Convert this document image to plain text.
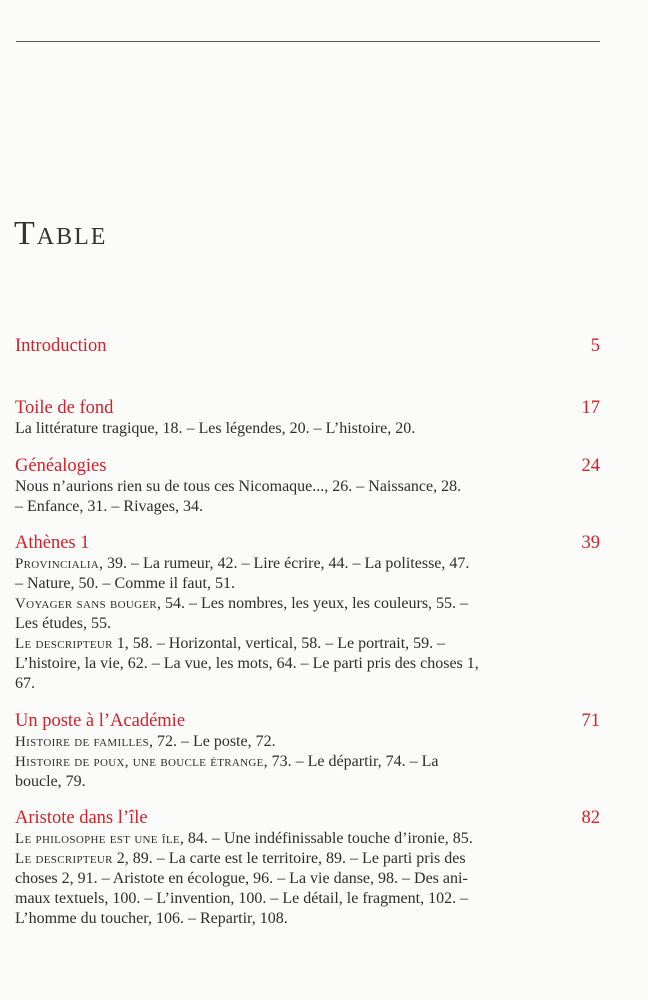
Table
Introduction	5
Toile de fond	17
La littérature tragique, 18. – Les légendes, 20. – L’histoire, 20.
Généalogies	24
Nous n’aurions rien su de tous ces Nicomaque..., 26. – Naissance, 28.
– Enfance, 31. – Rivages, 34.
Athènes 1	39
Provincialia, 39. – La rumeur, 42. – Lire écrire, 44. – La politesse, 47.
– Nature, 50. – Comme il faut, 51.
Voyager sans bouger, 54. – Les nombres, les yeux, les couleurs, 55. –
Les études, 55.
Le descripteur 1, 58. – Horizontal, vertical, 58. – Le portrait, 59. –
L’histoire, la vie, 62. – La vue, les mots, 64. – Le parti pris des choses 1,
67.
Un poste à l’Académie	71
Histoire de familles, 72. – Le poste, 72.
Histoire de poux, une boucle étrange, 73. – Le départir, 74. – La
boucle, 79.
Aristote dans l’île	82
Le philosophe est une île, 84. – Une indéfinissable touche d’ironie, 85.
Le descripteur 2, 89. – La carte est le territoire, 89. – Le parti pris des
choses 2, 91. – Aristote en écologue, 96. – La vie danse, 98. – Des ani-
maux textuels, 100. – L’invention, 100. – Le détail, le fragment, 102. –
L’homme du toucher, 106. – Repartir, 108.
